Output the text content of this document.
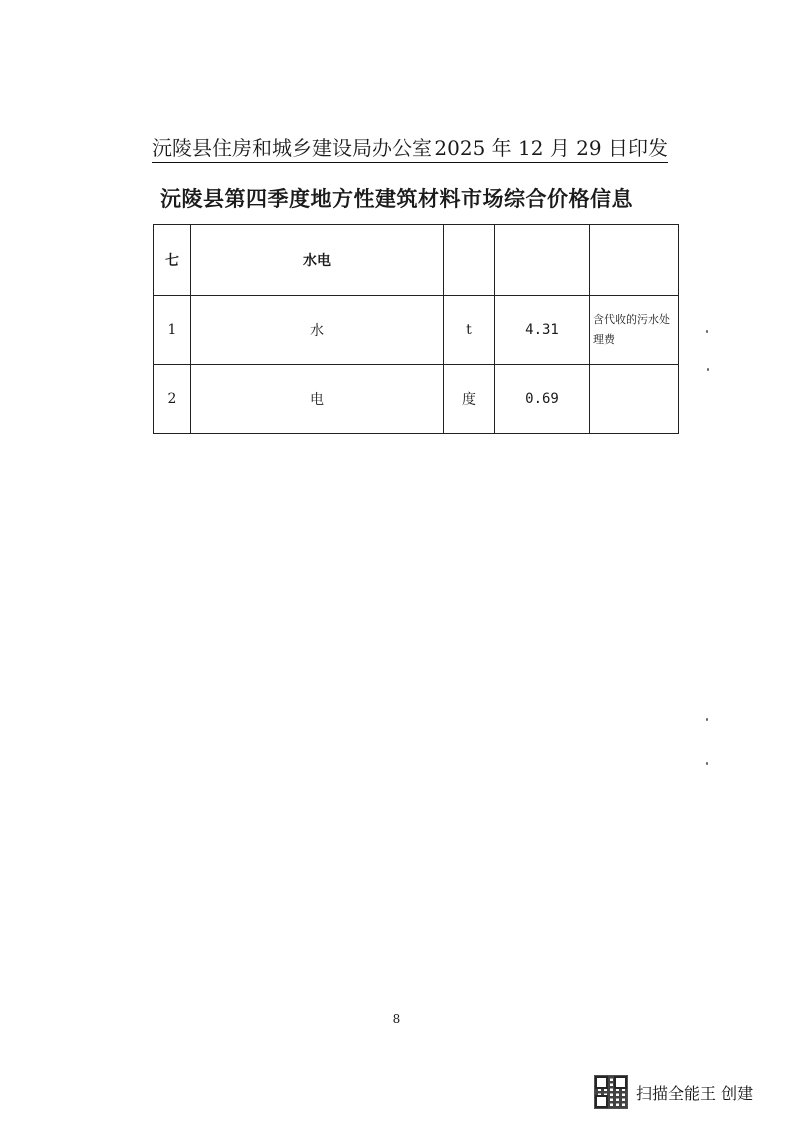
沅陵县住房和城乡建设局办公室 2025 年 12 月 29 日印发
沅陵县第四季度地方性建筑材料市场综合价格信息
七	水电			
1	水	t	4.31	含代收的污水处
理费

2	电	度	0.69	
8
扫描全能王 创建
